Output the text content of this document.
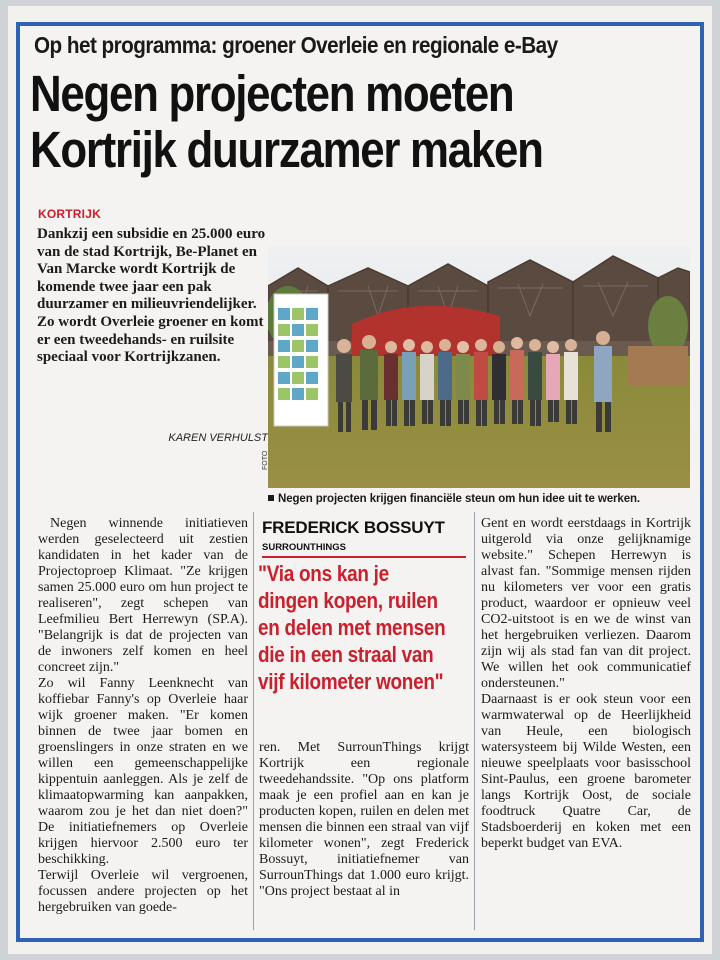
Op het programma: groener Overleie en regionale e-Bay
Negen projecten moeten
Kortrijk duurzamer maken
KORTRIJK
Dankzij een subsidie en 25.000 euro van de stad Kortrijk, Be-Planet en Van Marcke wordt Kortrijk de komende twee jaar een pak duurzamer en milieuvriendelijker. Zo wordt Overleie groener en komt er een tweedehands- en ruilsite speciaal voor Kortrijkzanen.
KAREN VERHULST
FOTO
Negen projecten krijgen financiële steun om hun idee uit te werken.

Negen winnende initiatieven werden geselecteerd uit zestien kandidaten in het kader van de Projectoproep Klimaat. "Ze krijgen samen 25.000 euro om hun project te realiseren", zegt schepen van Leefmilieu Bert Herrewyn (SP.A). "Belangrijk is dat de projecten van de inwoners zelf komen en heel concreet zijn."

Zo wil Fanny Leenknecht van koffiebar Fanny's op Overleie haar wijk groener maken. "Er komen binnen de twee jaar bomen en groenslingers in onze straten en we willen een gemeenschappelijke kippentuin aanleggen. Als je zelf de klimaatopwarming kan aanpakken, waarom zou je het dan niet doen?" De initiatiefnemers op Overleie krijgen hiervoor 2.500 euro ter beschikking.

Terwijl Overleie wil vergroenen, focussen andere projecten op het hergebruiken van goede-

FREDERICK BOSSUYT
SURROUNTHINGS
"Via ons kan je dingen kopen, ruilen en delen met mensen die in een straal van vijf kilometer wonen"

ren. Met SurrounThings krijgt Kortrijk een regionale tweedehandssite. "Op ons platform maak je een profiel aan en kan je producten kopen, ruilen en delen met mensen die binnen een straal van vijf kilometer wonen", zegt Frederick Bossuyt, initiatiefnemer van SurrounThings dat 1.000 euro krijgt. "Ons project bestaat al in

Gent en wordt eerstdaags in Kortrijk uitgerold via onze gelijknamige website." Schepen Herrewyn is alvast fan. "Sommige mensen rijden nu kilometers ver voor een gratis product, waardoor er opnieuw veel CO2-uitstoot is en we de winst van het hergebruiken verliezen. Daarom zijn wij als stad fan van dit project. We willen het ook communicatief ondersteunen."

Daarnaast is er ook steun voor een warmwaterwal op de Heerlijkheid van Heule, een biologisch watersysteem bij Wilde Westen, een nieuwe speelplaats voor basisschool Sint-Paulus, een groene barometer langs Kortrijk Oost, de sociale foodtruck Quatre Car, de Stadsboerderij en koken met een beperkt budget van EVA.
